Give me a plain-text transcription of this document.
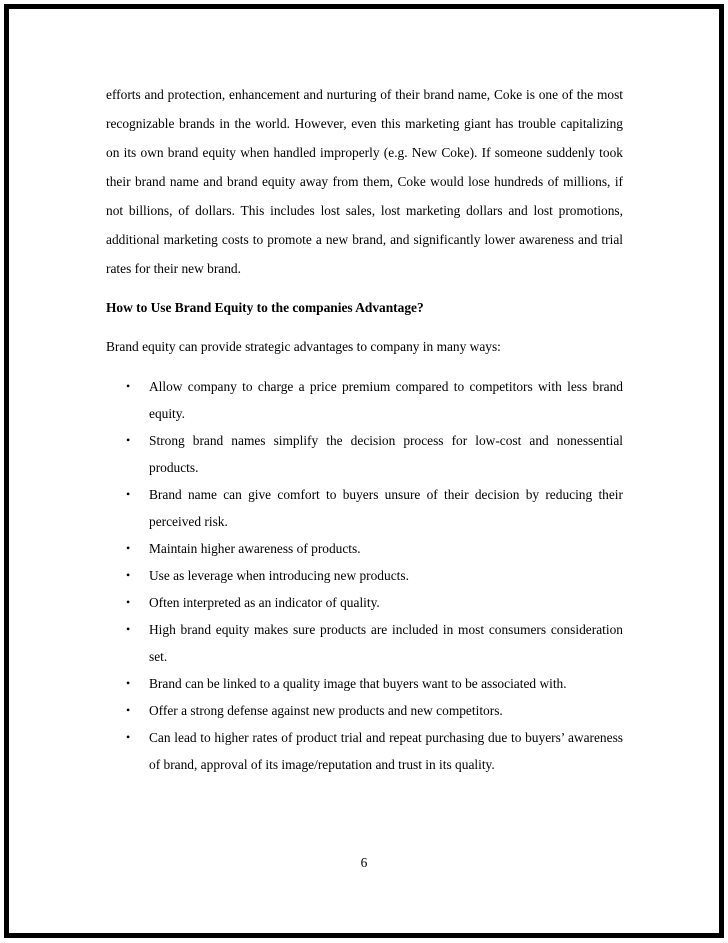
efforts and protection, enhancement and nurturing of their brand name, Coke is one of the most recognizable brands in the world. However, even this marketing giant has trouble capitalizing on its own brand equity when handled improperly (e.g. New Coke). If someone suddenly took their brand name and brand equity away from them, Coke would lose hundreds of millions, if not billions, of dollars. This includes lost sales, lost marketing dollars and lost promotions, additional marketing costs to promote a new brand, and significantly lower awareness and trial rates for their new brand.

How to Use Brand Equity to the companies Advantage?

Brand equity can provide strategic advantages to company in many ways:

• Allow company to charge a price premium compared to competitors with less brand equity.
• Strong brand names simplify the decision process for low-cost and nonessential products.
• Brand name can give comfort to buyers unsure of their decision by reducing their perceived risk.
• Maintain higher awareness of products.
• Use as leverage when introducing new products.
• Often interpreted as an indicator of quality.
• High brand equity makes sure products are included in most consumers consideration set.
• Brand can be linked to a quality image that buyers want to be associated with.
• Offer a strong defense against new products and new competitors.
• Can lead to higher rates of product trial and repeat purchasing due to buyers’ awareness of brand, approval of its image/reputation and trust in its quality.
6
